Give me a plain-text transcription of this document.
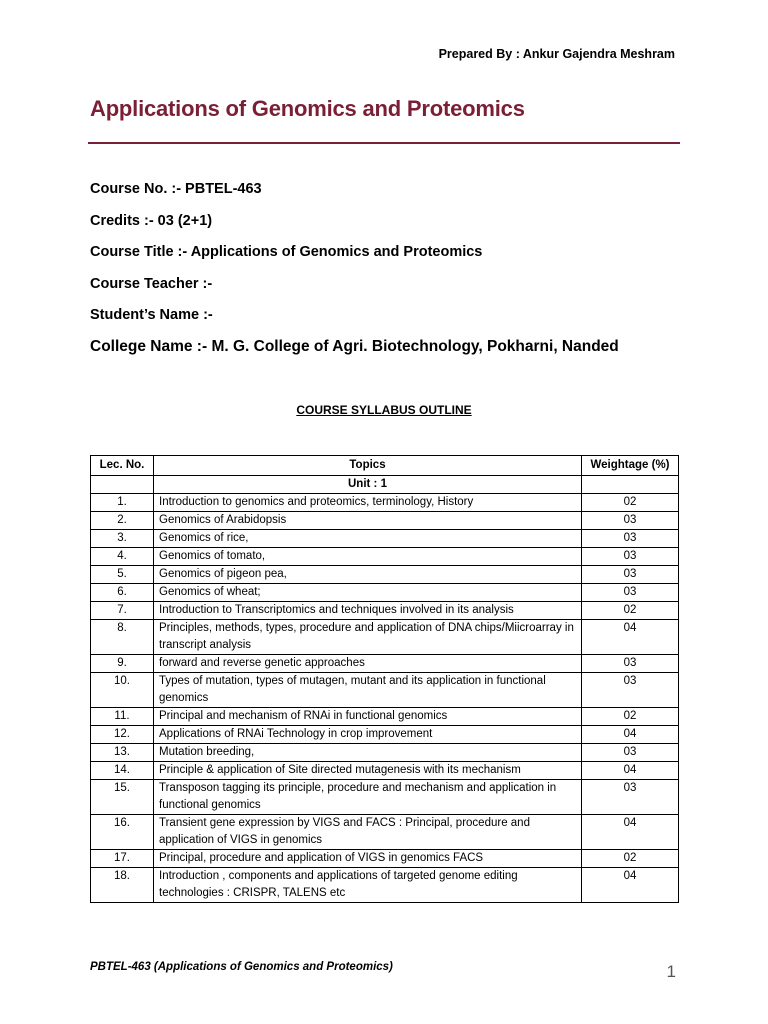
Prepared By : Ankur Gajendra Meshram
Applications of Genomics and Proteomics
Course No. :- PBTEL-463
Credits :- 03 (2+1)
Course Title :- Applications of Genomics and Proteomics
Course Teacher :-
Student’s Name :-
College Name :- M. G. College of Agri. Biotechnology, Pokharni, Nanded
COURSE SYLLABUS OUTLINE
Lec. No.	Topics	Weightage (%)
	Unit : 1	
1.	Introduction to genomics and proteomics, terminology, History	02
2.	Genomics of Arabidopsis	03
3.	Genomics of rice,	03
4.	Genomics of tomato,	03
5.	Genomics of pigeon pea,	03
6.	Genomics of wheat;	03
7.	Introduction to Transcriptomics and techniques involved in its analysis	02
8.	Principles, methods, types, procedure and application of DNA chips/Miicroarray in transcript analysis	04
9.	forward and reverse genetic approaches	03
10.	Types of mutation, types of mutagen, mutant and its application in functional genomics	03
11.	Principal and mechanism of RNAi in functional genomics	02
12.	Applications of RNAi Technology in crop improvement	04
13.	Mutation breeding,	03
14.	Principle & application of Site directed mutagenesis with its mechanism	04
15.	Transposon tagging its principle, procedure and mechanism and application in functional genomics	03
16.	Transient gene expression by VIGS and FACS : Principal, procedure and application of VIGS in genomics	04
17.	Principal, procedure and application of VIGS in genomics FACS	02
18.	Introduction , components and applications of targeted genome editing technologies : CRISPR, TALENS etc	04
PBTEL-463 (Applications of Genomics and Proteomics)	1
